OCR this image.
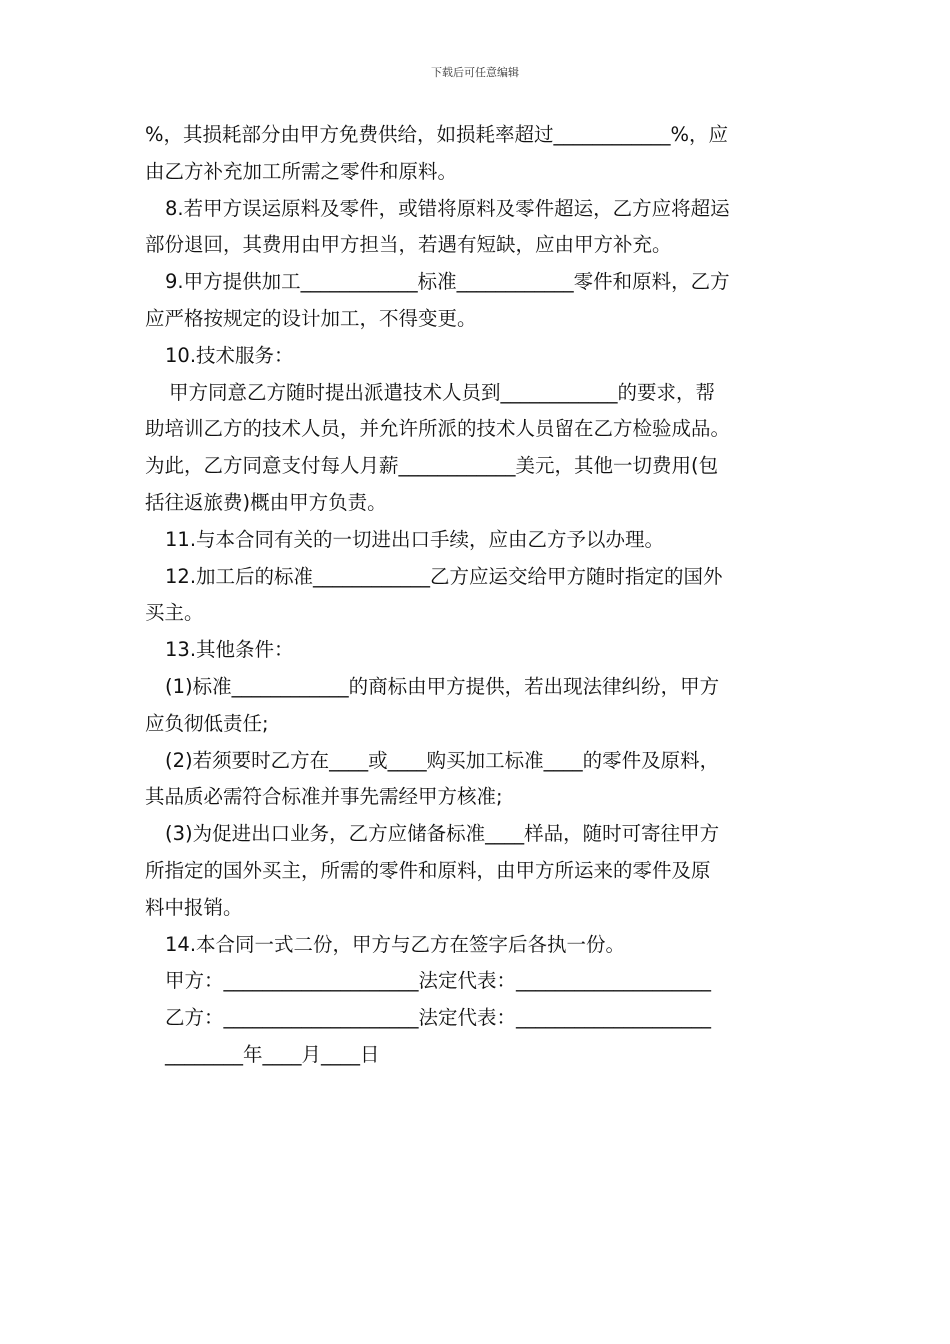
下载后可任意编辑
%，其损耗部分由甲方免费供给，如损耗率超过____________%，应
由乙方补充加工所需之零件和原料。
8.若甲方误运原料及零件，或错将原料及零件超运，乙方应将超运
部份退回，其费用由甲方担当，若遇有短缺，应由甲方补充。
9.甲方提供加工____________标准____________零件和原料，乙方
应严格按规定的设计加工，不得变更。
10.技术服务：
甲方同意乙方随时提出派遣技术人员到____________的要求，帮
助培训乙方的技术人员，并允许所派的技术人员留在乙方检验成品。
为此，乙方同意支付每人月薪____________美元，其他一切费用(包
括往返旅费)概由甲方负责。
11.与本合同有关的一切进出口手续，应由乙方予以办理。
12.加工后的标准____________乙方应运交给甲方随时指定的国外
买主。
13.其他条件：
(1)标准____________的商标由甲方提供，若出现法律纠纷，甲方
应负彻低责任;
(2)若须要时乙方在____或____购买加工标准____的零件及原料，
其品质必需符合标准并事先需经甲方核准;
(3)为促进出口业务，乙方应储备标准____样品，随时可寄往甲方
所指定的国外买主，所需的零件和原料，由甲方所运来的零件及原
料中报销。
14.本合同一式二份，甲方与乙方在签字后各执一份。
甲方：____________________法定代表：____________________
乙方：____________________法定代表：____________________
________年____月____日
